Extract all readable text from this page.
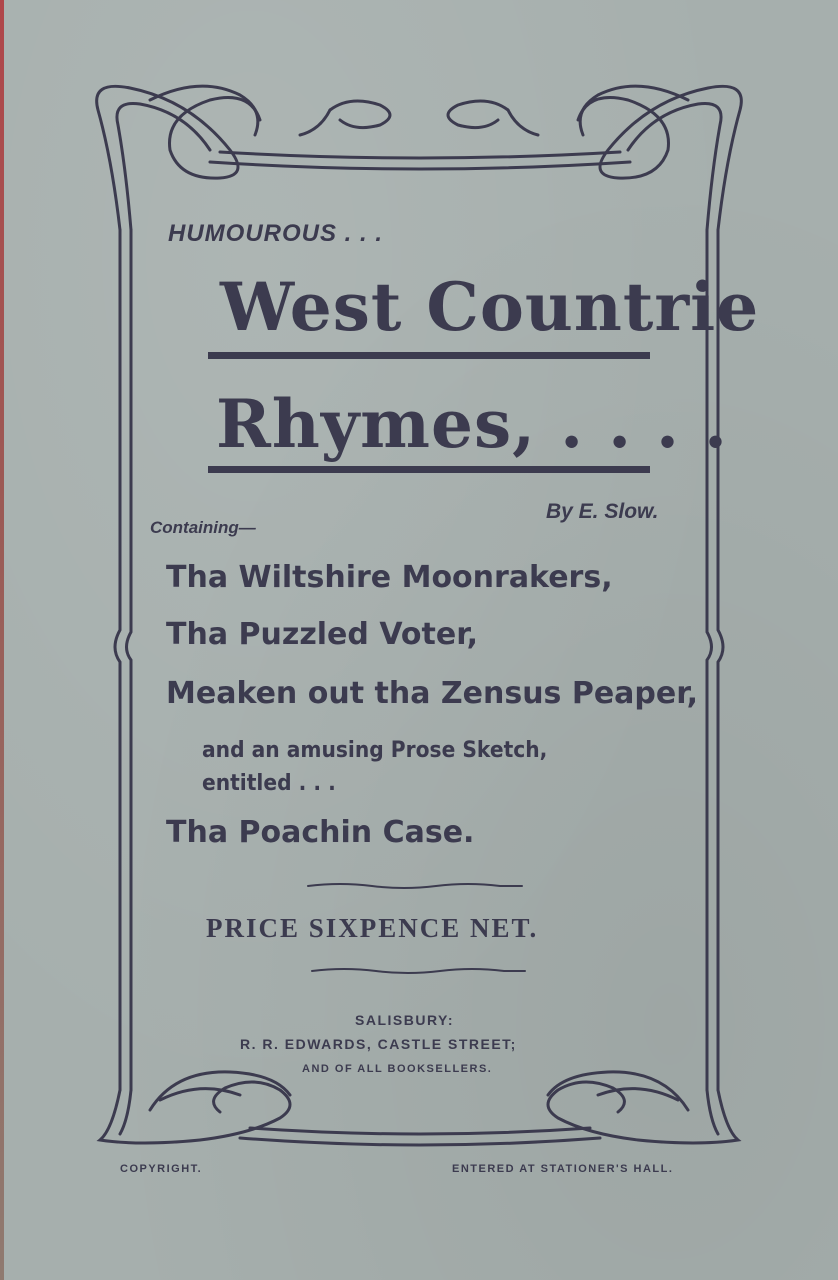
HUMOUROUS . . .
West Countrie
Rhymes, . . . .
By E. Slow.
Containing—
Tha Wiltshire Moonrakers,
Tha Puzzled Voter,
Meaken out tha Zensus Peaper,
and an amusing Prose Sketch,
entitled . . .
Tha Poachin Case.
PRICE SIXPENCE NET.
SALISBURY:
R. R. EDWARDS, CASTLE STREET;
AND OF ALL BOOKSELLERS.
COPYRIGHT.	ENTERED AT STATIONER'S HALL.
